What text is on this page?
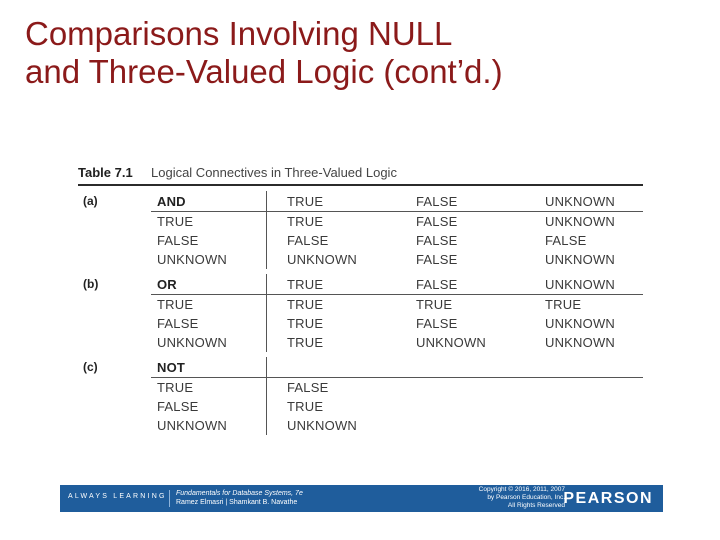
Comparisons Involving NULL
and Three-Valued Logic (cont’d.)
Table 7.1 Logical Connectives in Three-Valued Logic
(a)	AND	TRUE	FALSE	UNKNOWN
TRUE	TRUE	FALSE	UNKNOWN
FALSE	FALSE	FALSE	FALSE
UNKNOWN	UNKNOWN	FALSE	UNKNOWN
(b)	OR	TRUE	FALSE	UNKNOWN
TRUE	TRUE	TRUE	TRUE
FALSE	TRUE	FALSE	UNKNOWN
UNKNOWN	TRUE	UNKNOWN	UNKNOWN
(c)	NOT
TRUE	FALSE
FALSE	TRUE
UNKNOWN	UNKNOWN
ALWAYS LEARNING Fundamentals for Database Systems, 7e
Ramez Elmasri | Shamkant B. Navathe
Copyright © 2016, 2011, 2007
by Pearson Education, Inc.
All Rights Reserved
PEARSON
